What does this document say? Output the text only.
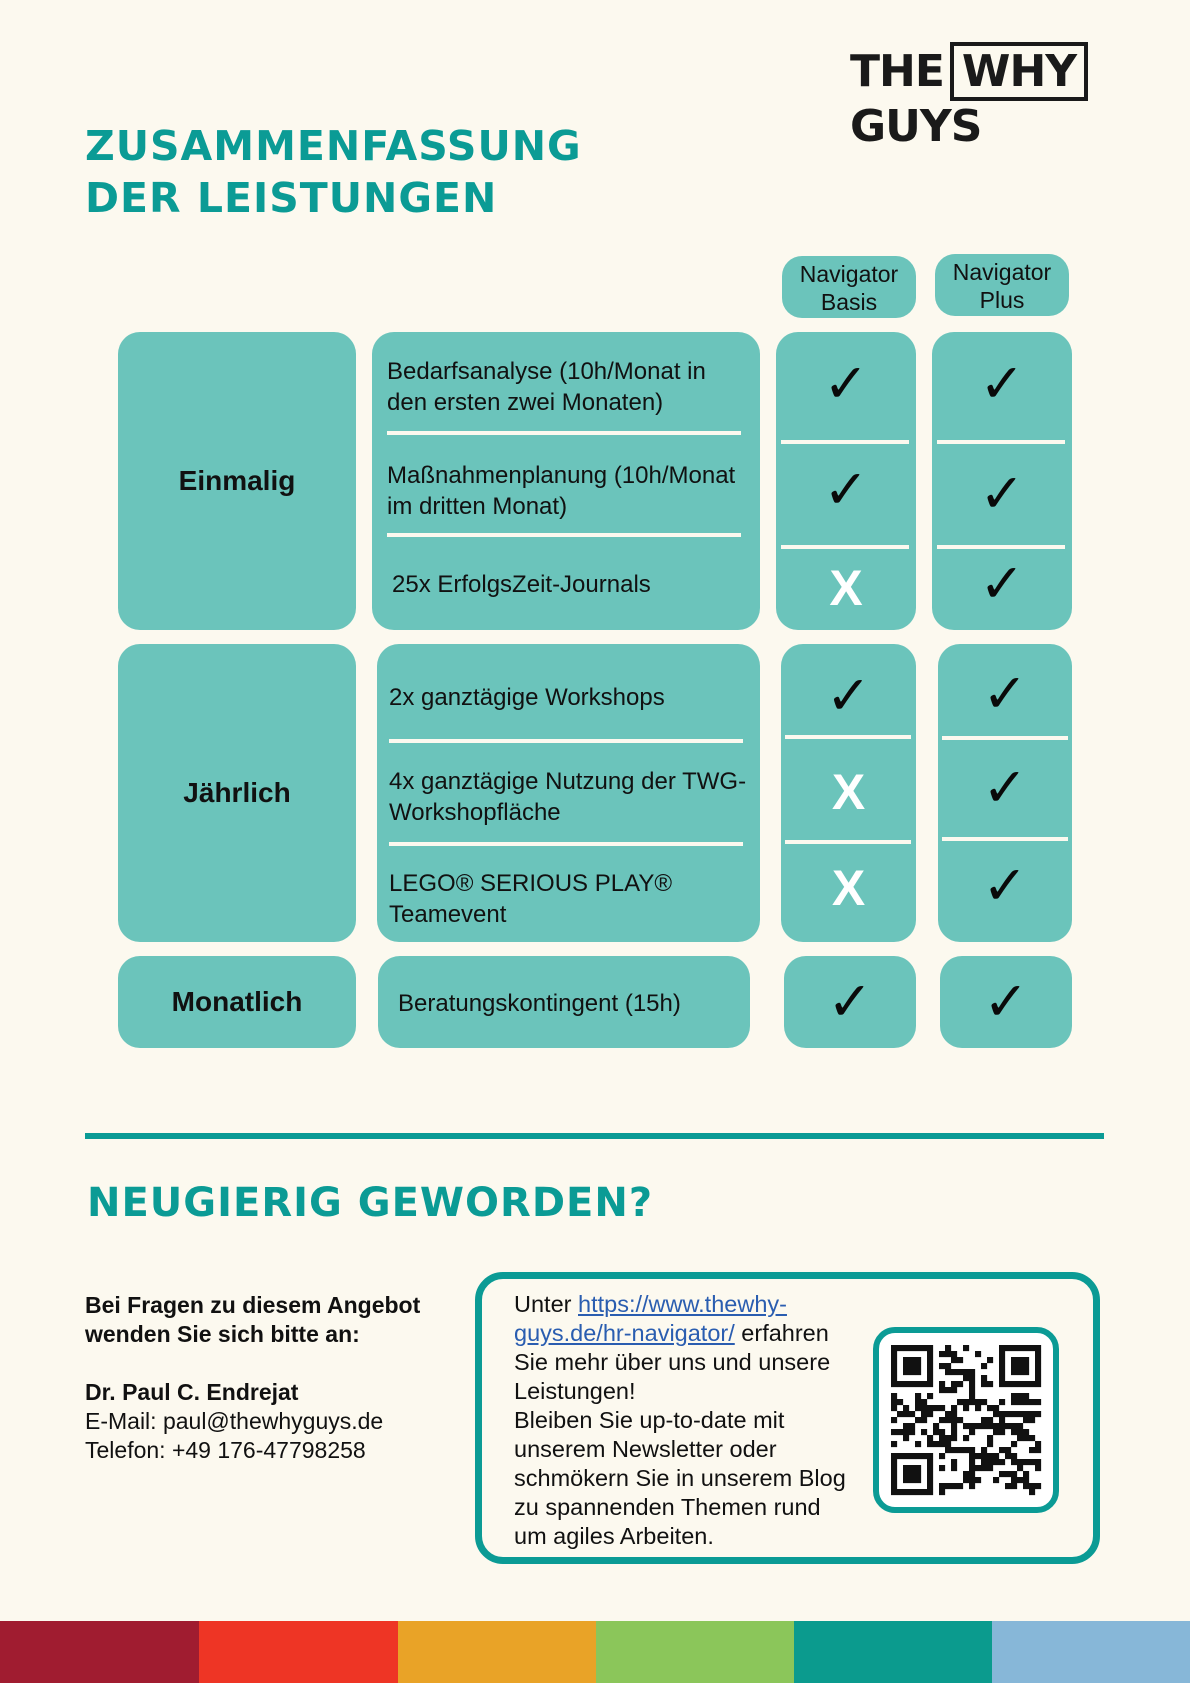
THE WHYGUYS
ZUSAMMENFASSUNG
DER LEISTUNGEN
Navigator
Basis
Navigator
Plus
Einmalig
Jährlich
Monatlich
Bedarfsanalyse (10h/Monat in den ersten zwei Monaten)
Maßnahmenplanung (10h/Monat im dritten Monat)
25x ErfolgsZeit-Journals
2x ganztägige Workshops
4x ganztägige Nutzung der TWG-Workshopfläche
LEGO® SERIOUS PLAY® Teamevent
Beratungskontingent (15h)
✓
✓
X
✓
X
X
✓
✓
✓
✓
✓
✓
✓
✓
NEUGIERIG GEWORDEN?
Bei Fragen zu diesem Angebot wenden Sie sich bitte an:
Dr. Paul C. Endrejat
E-Mail: paul@thewhyguys.de
Telefon: +49 176-47798258
Unter https://www.thewhy-guys.de/hr-navigator/ erfahren Sie mehr über uns und unsere Leistungen!
Bleiben Sie up-to-date mit unserem Newsletter oder schmökern Sie in unserem Blog zu spannenden Themen rund um agiles Arbeiten.
